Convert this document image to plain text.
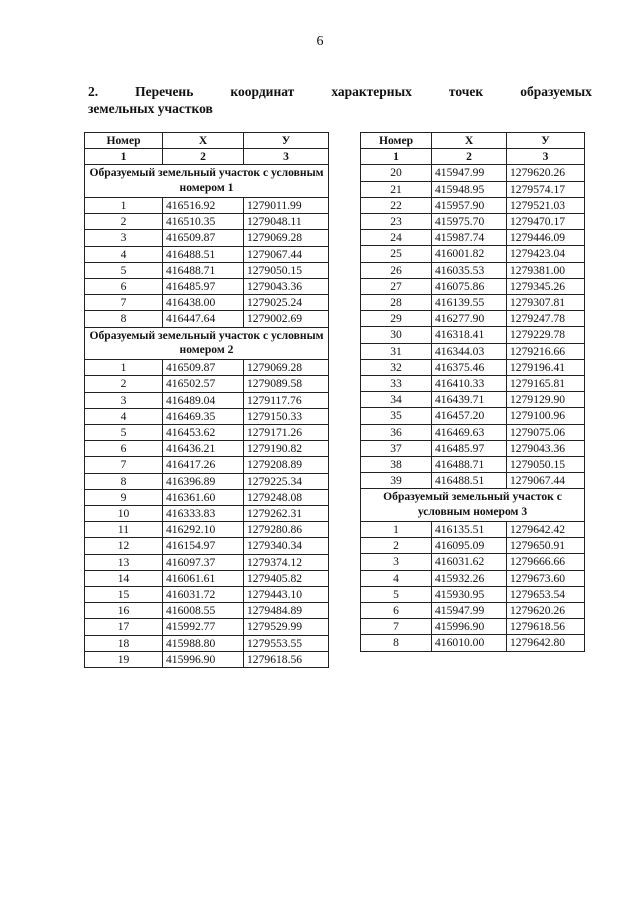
6
2.	Перечень	координат	характерных	точек	образуемых
земельных участков
Номер	Х	У
1	2	3
Образуемый земельный участок с условным номером 1		
1	416516.92	1279011.99
2	416510.35	1279048.11
3	416509.87	1279069.28
4	416488.51	1279067.44
5	416488.71	1279050.15
6	416485.97	1279043.36
7	416438.00	1279025.24
8	416447.64	1279002.69
Образуемый земельный участок с условным номером 2		
1	416509.87	1279069.28
2	416502.57	1279089.58
3	416489.04	1279117.76
4	416469.35	1279150.33
5	416453.62	1279171.26
6	416436.21	1279190.82
7	416417.26	1279208.89
8	416396.89	1279225.34
9	416361.60	1279248.08
10	416333.83	1279262.31
11	416292.10	1279280.86
12	416154.97	1279340.34
13	416097.37	1279374.12
14	416061.61	1279405.82
15	416031.72	1279443.10
16	416008.55	1279484.89
17	415992.77	1279529.99
18	415988.80	1279553.55
19	415996.90	1279618.56
Номер	Х	У
1	2	3
20	415947.99	1279620.26
21	415948.95	1279574.17
22	415957.90	1279521.03
23	415975.70	1279470.17
24	415987.74	1279446.09
25	416001.82	1279423.04
26	416035.53	1279381.00
27	416075.86	1279345.26
28	416139.55	1279307.81
29	416277.90	1279247.78
30	416318.41	1279229.78
31	416344.03	1279216.66
32	416375.46	1279196.41
33	416410.33	1279165.81
34	416439.71	1279129.90
35	416457.20	1279100.96
36	416469.63	1279075.06
37	416485.97	1279043.36
38	416488.71	1279050.15
39	416488.51	1279067.44
Образуемый земельный участок с условным номером 3		
1	416135.51	1279642.42
2	416095.09	1279650.91
3	416031.62	1279666.66
4	415932.26	1279673.60
5	415930.95	1279653.54
6	415947.99	1279620.26
7	415996.90	1279618.56
8	416010.00	1279642.80
